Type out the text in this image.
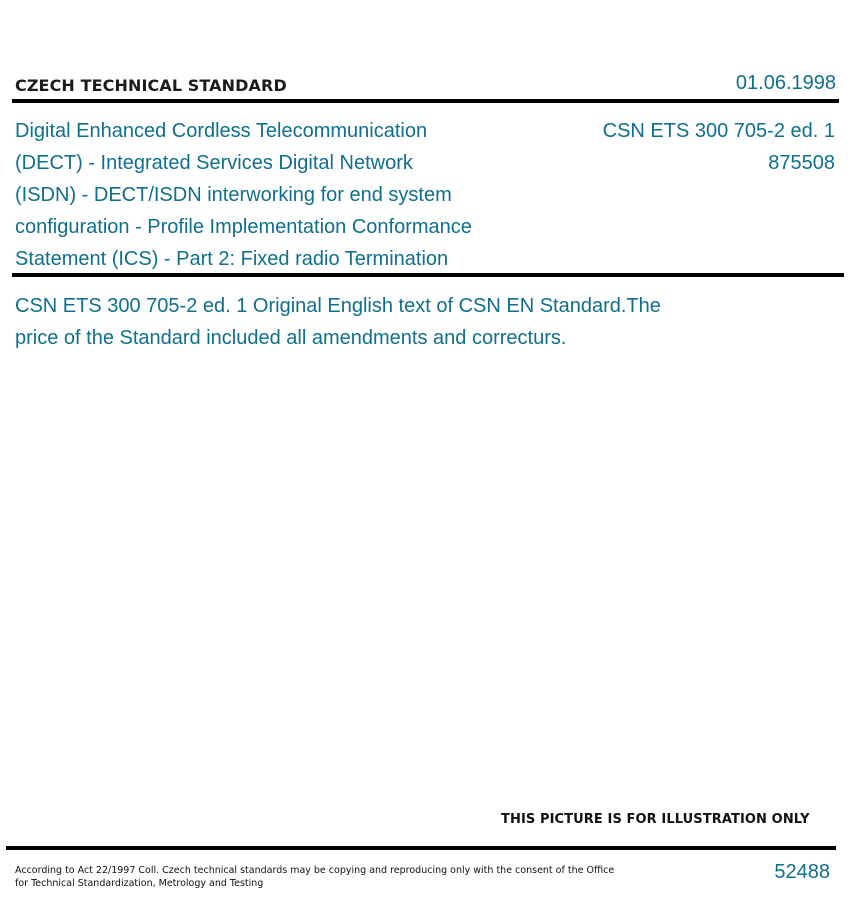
CZECH TECHNICAL STANDARD	01.06.1998
Digital Enhanced Cordless Telecommunication
(DECT) - Integrated Services Digital Network
(ISDN) - DECT/ISDN interworking for end system
configuration - Profile Implementation Conformance
Statement (ICS) - Part 2: Fixed radio Termination
CSN ETS 300 705-2 ed. 1
875508
CSN ETS 300 705-2 ed. 1 Original English text of CSN EN Standard.The
price of the Standard included all amendments and correcturs.
THIS PICTURE IS FOR ILLUSTRATION ONLY
According to Act 22/1997 Coll. Czech technical standards may be copying and reproducing only with the consent of the Office
for Technical Standardization, Metrology and Testing
52488
